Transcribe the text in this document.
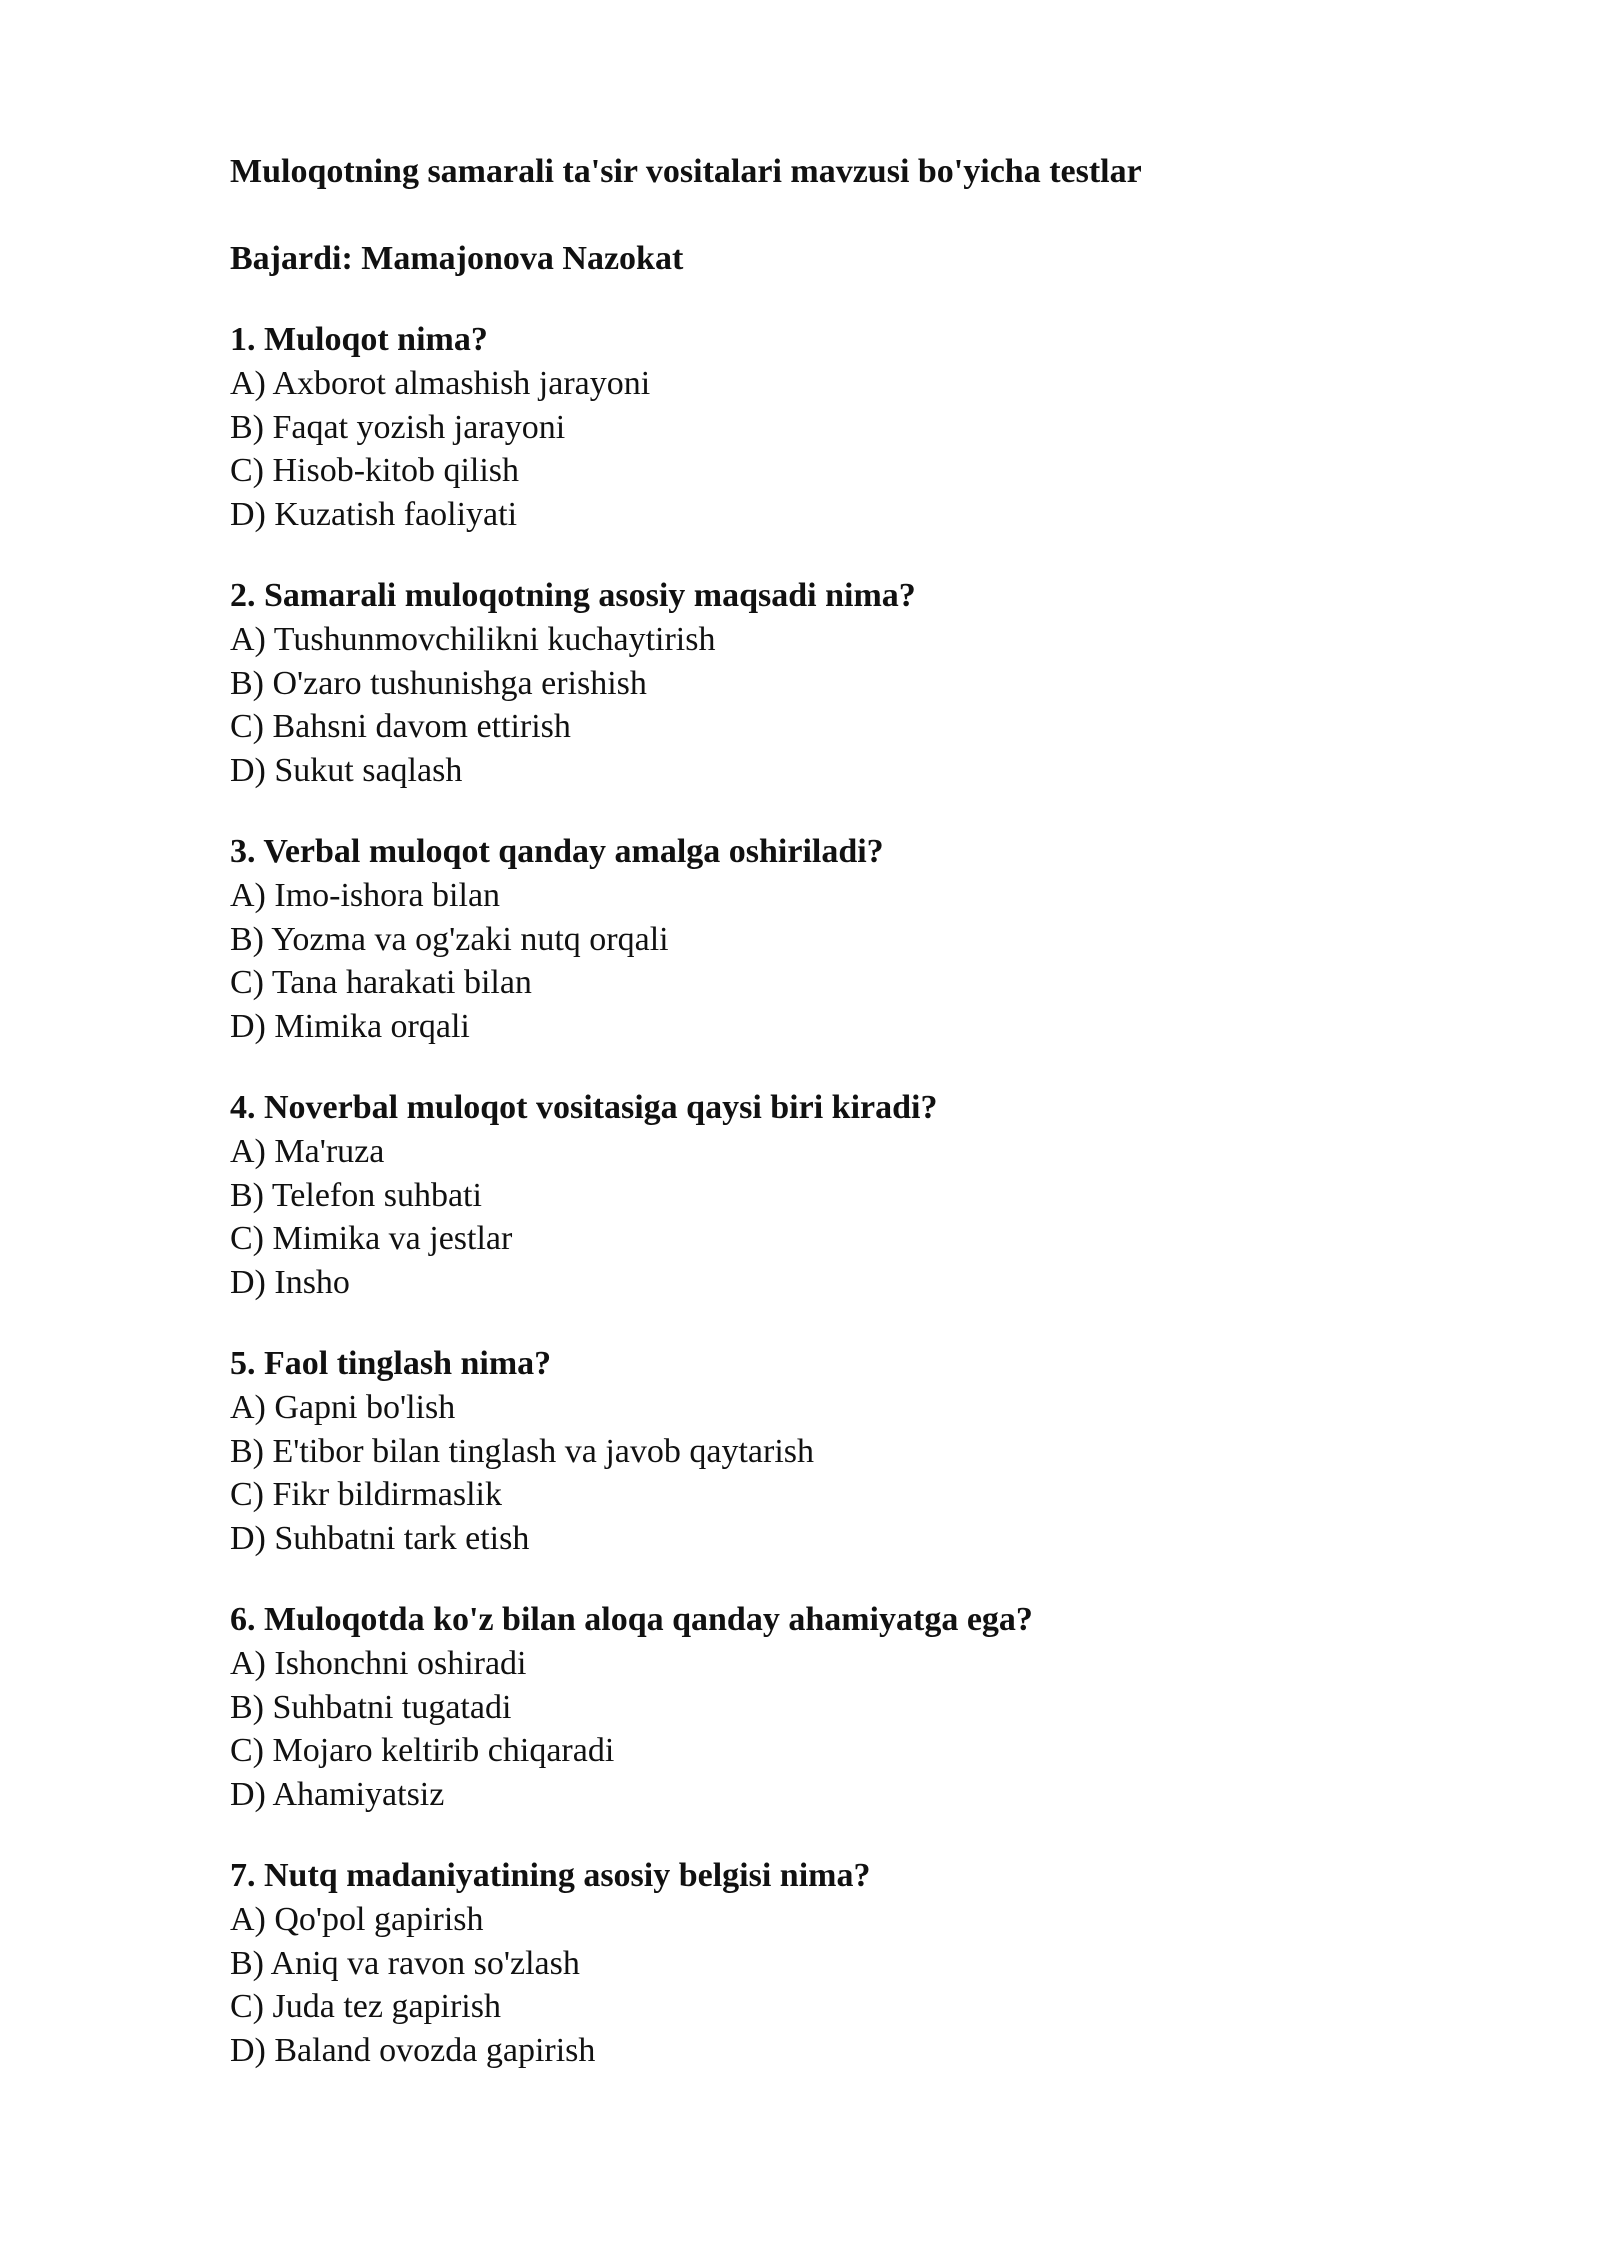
Muloqotning samarali ta'sir vositalari mavzusi bo'yicha testlar

Bajardi: Mamajonova Nazokat

1. Muloqot nima?

A) Axborot almashish jarayoni
B) Faqat yozish jarayoni
C) Hisob-kitob qilish
D) Kuzatish faoliyati

2. Samarali muloqotning asosiy maqsadi nima?

A) Tushunmovchilikni kuchaytirish
B) O'zaro tushunishga erishish
C) Bahsni davom ettirish
D) Sukut saqlash

3. Verbal muloqot qanday amalga oshiriladi?

A) Imo-ishora bilan
B) Yozma va og'zaki nutq orqali
C) Tana harakati bilan
D) Mimika orqali

4. Noverbal muloqot vositasiga qaysi biri kiradi?

A) Ma'ruza
B) Telefon suhbati
C) Mimika va jestlar
D) Insho

5. Faol tinglash nima?

A) Gapni bo'lish
B) E'tibor bilan tinglash va javob qaytarish
C) Fikr bildirmaslik
D) Suhbatni tark etish

6. Muloqotda ko'z bilan aloqa qanday ahamiyatga ega?

A) Ishonchni oshiradi
B) Suhbatni tugatadi
C) Mojaro keltirib chiqaradi
D) Ahamiyatsiz

7. Nutq madaniyatining asosiy belgisi nima?

A) Qo'pol gapirish
B) Aniq va ravon so'zlash
C) Juda tez gapirish
D) Baland ovozda gapirish
